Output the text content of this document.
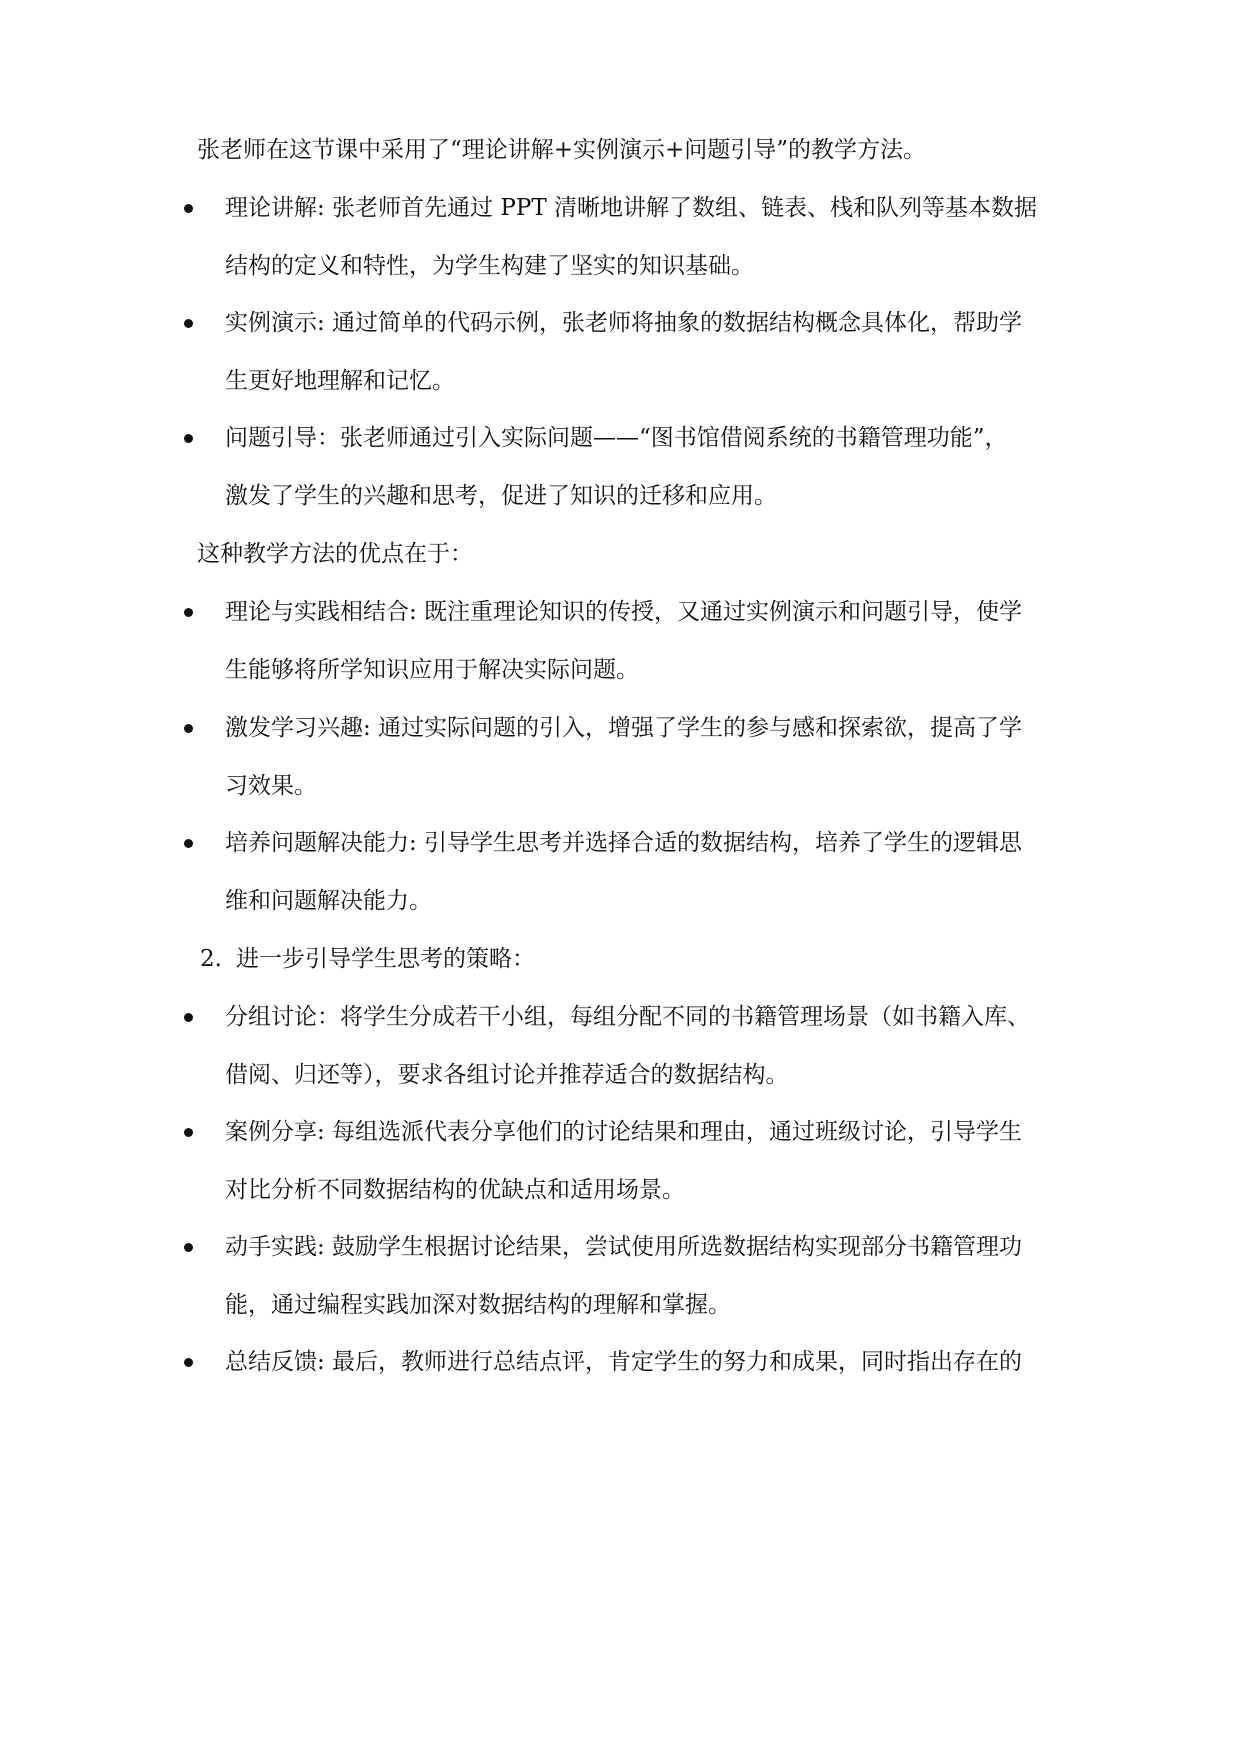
张老师在这节课中采用了“理论讲解+实例演示+问题引导”的教学方法。
理论讲解: 张老师首先通过 PPT 清晰地讲解了数组、链表、栈和队列等基本数据
结构的定义和特性，为学生构建了坚实的知识基础。
实例演示: 通过简单的代码示例，张老师将抽象的数据结构概念具体化，帮助学
生更好地理解和记忆。
问题引导：张老师通过引入实际问题——“图书馆借阅系统的书籍管理功能”，
激发了学生的兴趣和思考，促进了知识的迁移和应用。
这种教学方法的优点在于：
理论与实践相结合: 既注重理论知识的传授，又通过实例演示和问题引导，使学
生能够将所学知识应用于解决实际问题。
激发学习兴趣: 通过实际问题的引入，增强了学生的参与感和探索欲，提高了学
习效果。
培养问题解决能力: 引导学生思考并选择合适的数据结构，培养了学生的逻辑思
维和问题解决能力。
2. 进一步引导学生思考的策略：
分组讨论：将学生分成若干小组，每组分配不同的书籍管理场景（如书籍入库、
借阅、归还等），要求各组讨论并推荐适合的数据结构。
案例分享: 每组选派代表分享他们的讨论结果和理由，通过班级讨论，引导学生
对比分析不同数据结构的优缺点和适用场景。
动手实践: 鼓励学生根据讨论结果，尝试使用所选数据结构实现部分书籍管理功
能，通过编程实践加深对数据结构的理解和掌握。
总结反馈: 最后，教师进行总结点评，肯定学生的努力和成果，同时指出存在的
